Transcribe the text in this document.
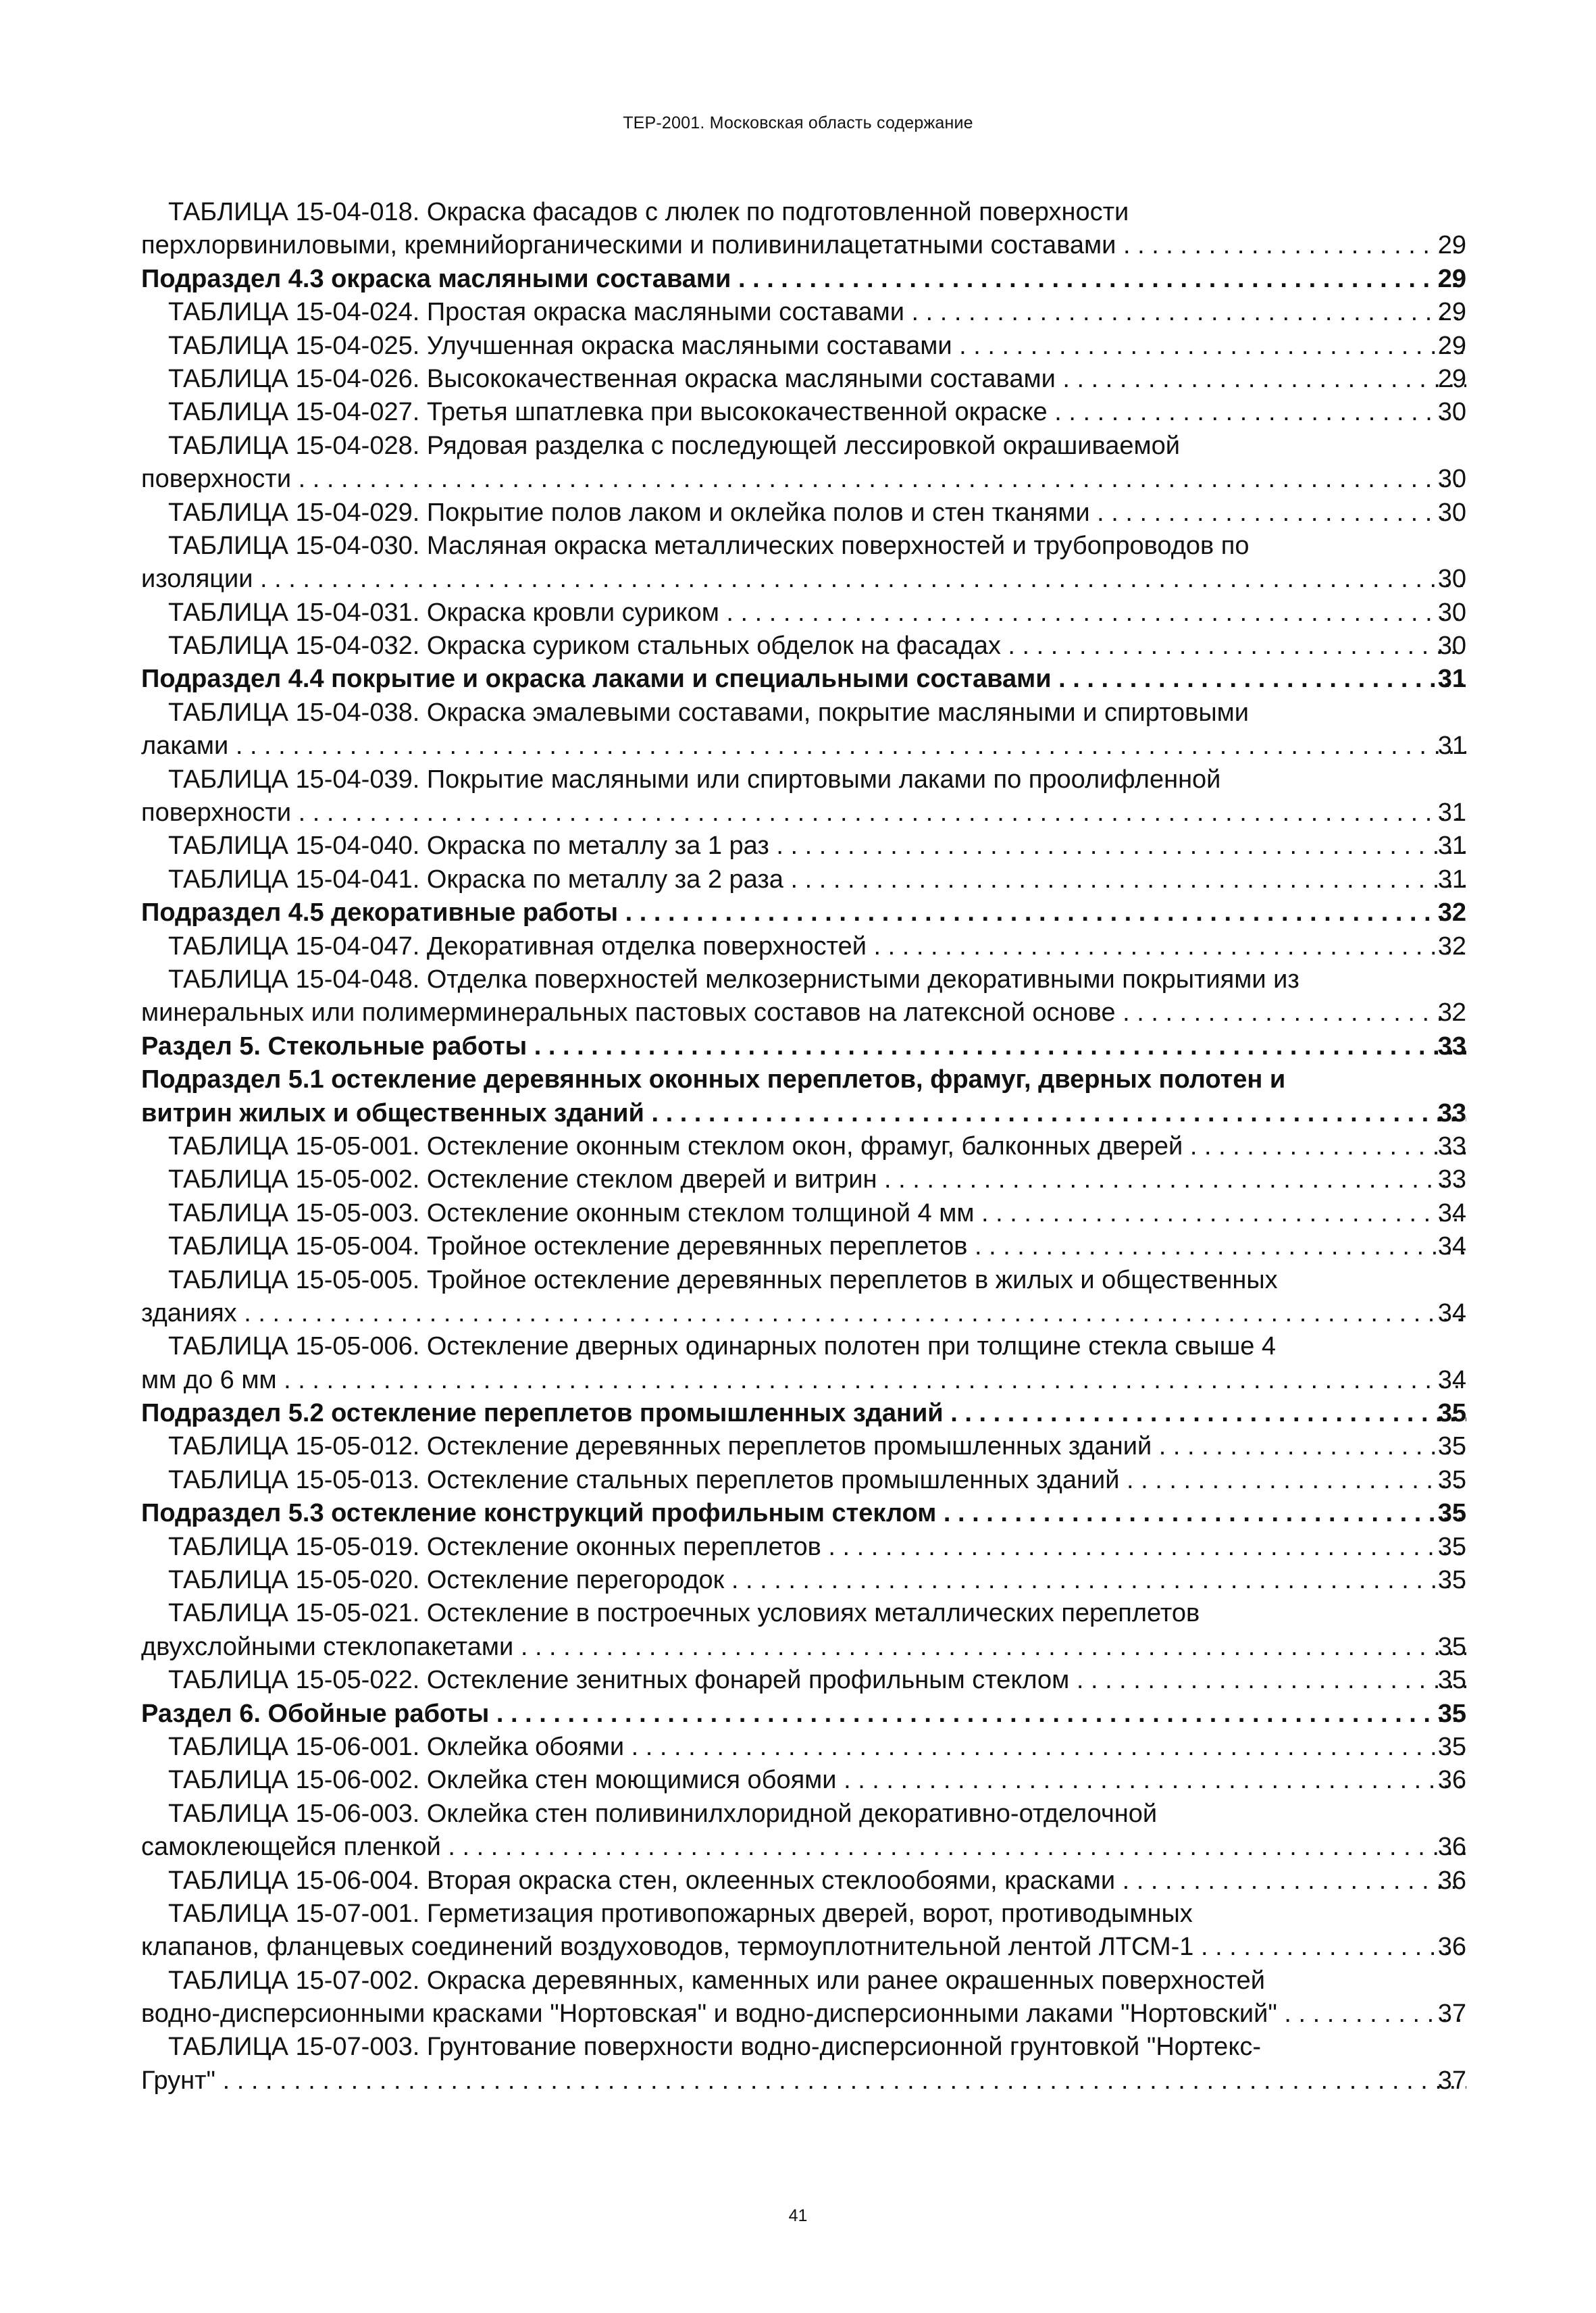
ТЕР-2001. Московская область содержание
ТАБЛИЦА 15-04-018. Окраска фасадов с люлек по подготовленной поверхности
перхлорвиниловыми, кремнийорганическими и поливинилацетатными составами . . .	29
Подраздел 4.3 окраска масляными составами . . .	29
ТАБЛИЦА 15-04-024. Простая окраска масляными составами . . .	29
ТАБЛИЦА 15-04-025. Улучшенная окраска масляными составами . . .	29
ТАБЛИЦА 15-04-026. Высококачественная окраска масляными составами . . .	29
ТАБЛИЦА 15-04-027. Третья шпатлевка при высококачественной окраске . . .	30
ТАБЛИЦА 15-04-028. Рядовая разделка с последующей лессировкой окрашиваемой
поверхности . . .	30
ТАБЛИЦА 15-04-029. Покрытие полов лаком и оклейка полов и стен тканями . . .	30
ТАБЛИЦА 15-04-030. Масляная окраска металлических поверхностей и трубопроводов по
изоляции . . .	30
ТАБЛИЦА 15-04-031. Окраска кровли суриком . . .	30
ТАБЛИЦА 15-04-032. Окраска суриком стальных обделок на фасадах . . .	30
Подраздел 4.4 покрытие и окраска лаками и специальными составами . . .	31
ТАБЛИЦА 15-04-038. Окраска эмалевыми составами, покрытие масляными и спиртовыми
лаками . . .	31
ТАБЛИЦА 15-04-039. Покрытие масляными или спиртовыми лаками по проолифленной
поверхности . . .	31
ТАБЛИЦА 15-04-040. Окраска по металлу за 1 раз . . .	31
ТАБЛИЦА 15-04-041. Окраска по металлу за 2 раза . . .	31
Подраздел 4.5 декоративные работы . . .	32
ТАБЛИЦА 15-04-047. Декоративная отделка поверхностей . . .	32
ТАБЛИЦА 15-04-048. Отделка поверхностей мелкозернистыми декоративными покрытиями из
минеральных или полимерминеральных пастовых составов на латексной основе . . .	32
Раздел 5. Стекольные работы . . .	33
Подраздел 5.1 остекление деревянных оконных переплетов, фрамуг, дверных полотен и
витрин жилых и общественных зданий . . .	33
ТАБЛИЦА 15-05-001. Остекление оконным стеклом окон, фрамуг, балконных дверей . . .	33
ТАБЛИЦА 15-05-002. Остекление стеклом дверей и витрин . . .	33
ТАБЛИЦА 15-05-003. Остекление оконным стеклом толщиной 4 мм . . .	34
ТАБЛИЦА 15-05-004. Тройное остекление деревянных переплетов . . .	34
ТАБЛИЦА 15-05-005. Тройное остекление деревянных переплетов в жилых и общественных
зданиях . . .	34
ТАБЛИЦА 15-05-006. Остекление дверных одинарных полотен при толщине стекла свыше 4
мм до 6 мм . . .	34
Подраздел 5.2 остекление переплетов промышленных зданий . . .	35
ТАБЛИЦА 15-05-012. Остекление деревянных переплетов промышленных зданий . . .	35
ТАБЛИЦА 15-05-013. Остекление стальных переплетов промышленных зданий . . .	35
Подраздел 5.3 остекление конструкций профильным стеклом . . .	35
ТАБЛИЦА 15-05-019. Остекление оконных переплетов . . .	35
ТАБЛИЦА 15-05-020. Остекление перегородок . . .	35
ТАБЛИЦА 15-05-021. Остекление в построечных условиях металлических переплетов
двухслойными стеклопакетами . . .	35
ТАБЛИЦА 15-05-022. Остекление зенитных фонарей профильным стеклом . . .	35
Раздел 6. Обойные работы . . .	35
ТАБЛИЦА 15-06-001. Оклейка обоями . . .	35
ТАБЛИЦА 15-06-002. Оклейка стен моющимися обоями . . .	36
ТАБЛИЦА 15-06-003. Оклейка стен поливинилхлоридной декоративно-отделочной
самоклеющейся пленкой . . .	36
ТАБЛИЦА 15-06-004. Вторая окраска стен, оклеенных стеклообоями, красками . . .	36
ТАБЛИЦА 15-07-001. Герметизация противопожарных дверей, ворот, противодымных
клапанов, фланцевых соединений воздуховодов, термоуплотнительной лентой ЛТСМ-1 . . .	36
ТАБЛИЦА 15-07-002. Окраска деревянных, каменных или ранее окрашенных поверхностей
водно-дисперсионными красками "Нортовская" и водно-дисперсионными лаками "Нортовский" . . .	37
ТАБЛИЦА 15-07-003. Грунтование поверхности водно-дисперсионной грунтовкой "Нортекс-
Грунт" . . .	37
41
